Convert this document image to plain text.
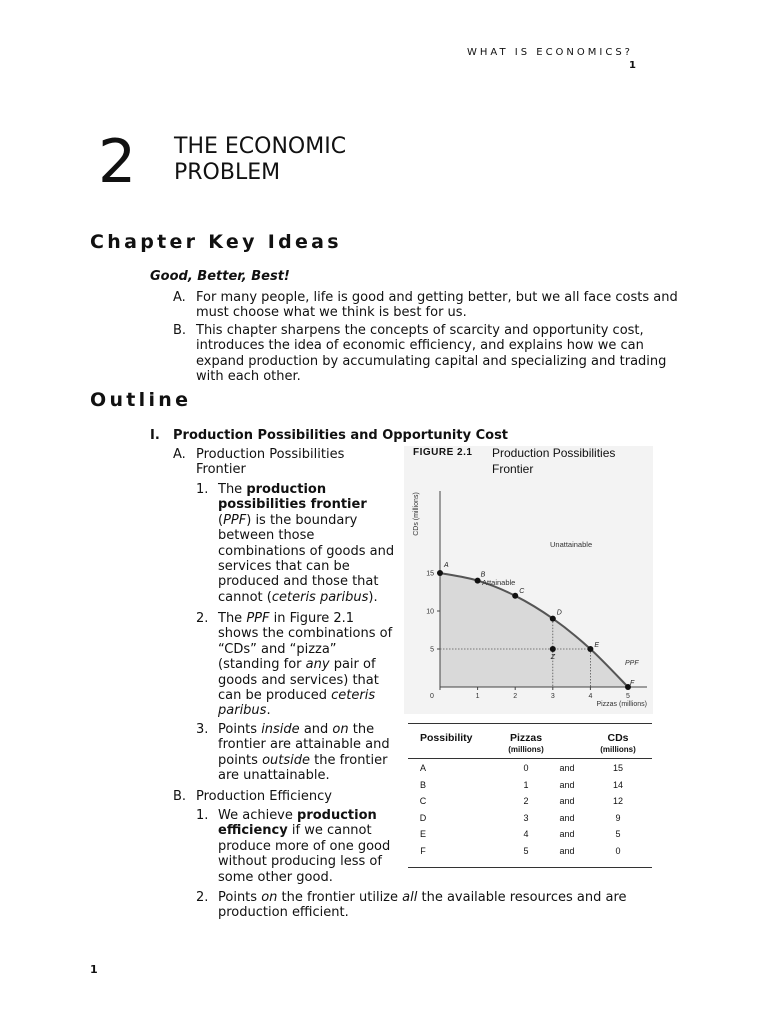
WHAT IS ECONOMICS?
1
2 THE ECONOMIC
PROBLEM
Chapter Key Ideas
Good, Better, Best!
A. For many people, life is good and getting better, but we all face costs and
must choose what we think is best for us.
B. This chapter sharpens the concepts of scarcity and opportunity cost,
introduces the idea of economic efficiency, and explains how we can
expand production by accumulating capital and specializing and trading
with each other.
Outline
I. Production Possibilities and Opportunity Cost
A. Production Possibilities
Frontier
1. The production
possibilities frontier
(PPF) is the boundary
between those
combinations of goods and
services that can be
produced and those that
cannot (ceteris paribus).
2. The PPF in Figure 2.1
shows the combinations of
“CDs” and “pizza”
(standing for any pair of
goods and services) that
can be produced ceteris
paribus.
3. Points inside and on the
frontier are attainable and
points outside the frontier
are unattainable.
B. Production Efficiency
1. We achieve production
efficiency if we cannot
produce more of one good
without producing less of
some other good.
2. Points on the frontier utilize all the available resources and are
production efficient.
FIGURE 2.1 Production Possibilities Frontier
0	1	2	3	4	5
5
10
15
A
B
C
D
E
F
Z
Unattainable
Attainable
PPF
Pizzas (millions)
CDs (millions)
Possibility	Pizzas
(millions)
CDs
(millions)
A	0	and	15
B	1	and	14
C	2	and	12
D	3	and	9
E	4	and	5
F	5	and	0
1
